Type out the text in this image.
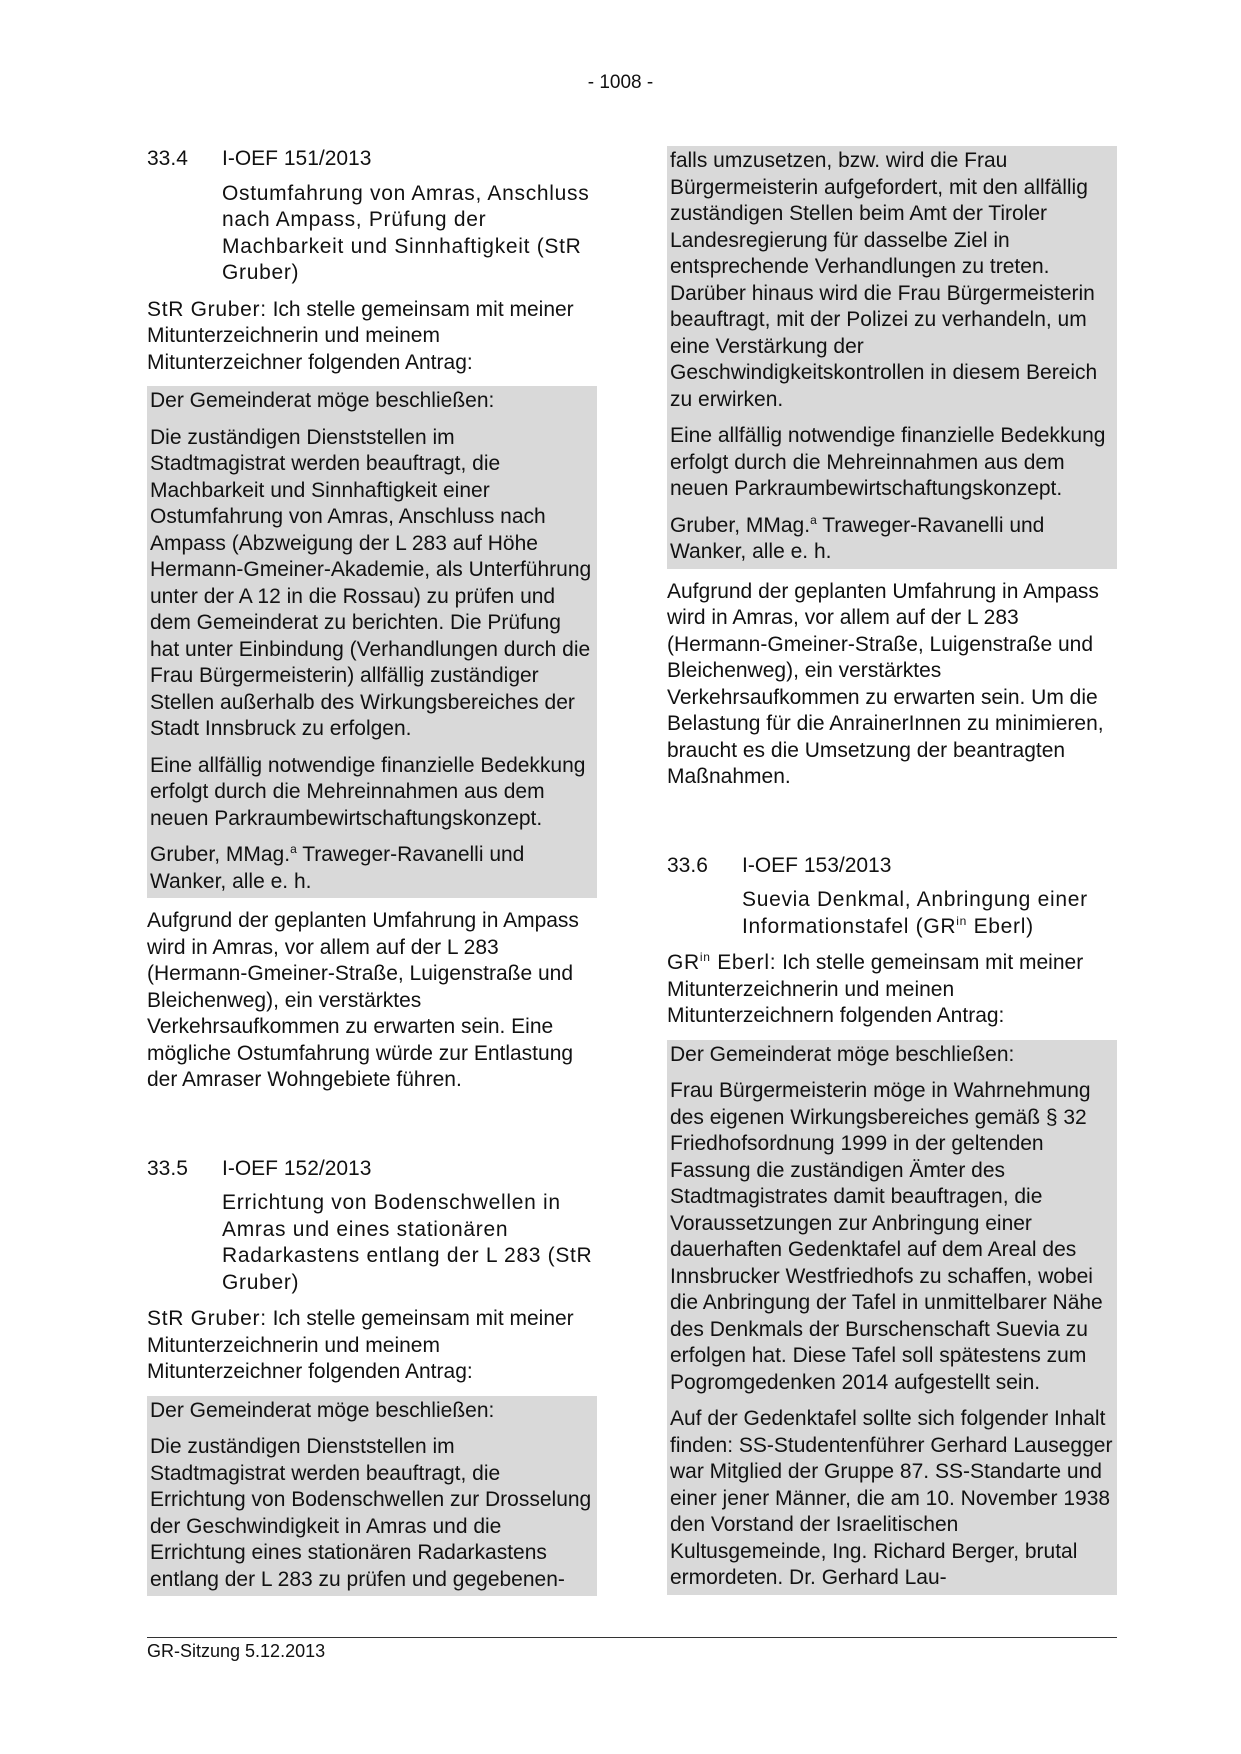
- 1008 -
33.4	I-OEF 151/2013

Ostumfahrung von Amras, Anschluss nach Ampass, Prüfung der Machbarkeit und Sinnhaftigkeit (StR Gruber)

StR Gruber: Ich stelle gemeinsam mit meiner Mitunterzeichnerin und meinem Mitunterzeichner folgenden Antrag:

Der Gemeinderat möge beschließen:

Die zuständigen Dienststellen im Stadtmagistrat werden beauftragt, die Machbarkeit und Sinnhaftigkeit einer Ostumfahrung von Amras, Anschluss nach Ampass (Abzweigung der L 283 auf Höhe Hermann-Gmeiner-Akademie, als Unterführung unter der A 12 in die Rossau) zu prüfen und dem Gemeinderat zu berichten. Die Prüfung hat unter Einbindung (Verhandlungen durch die Frau Bürgermeisterin) allfällig zuständiger Stellen außerhalb des Wirkungsbereiches der Stadt Innsbruck zu erfolgen.

Eine allfällig notwendige finanzielle Bedekkung erfolgt durch die Mehreinnahmen aus dem neuen Parkraumbewirtschaftungskonzept.

Gruber, MMag.$^a$ Traweger-Ravanelli und Wanker, alle e. h.

Aufgrund der geplanten Umfahrung in Ampass wird in Amras, vor allem auf der L 283 (Hermann-Gmeiner-Straße, Luigenstraße und Bleichenweg), ein verstärktes Verkehrsaufkommen zu erwarten sein. Eine mögliche Ostumfahrung würde zur Entlastung der Amraser Wohngebiete führen.

33.5	I-OEF 152/2013

Errichtung von Bodenschwellen in Amras und eines stationären Radarkastens entlang der L 283 (StR Gruber)

StR Gruber: Ich stelle gemeinsam mit meiner Mitunterzeichnerin und meinem Mitunterzeichner folgenden Antrag:

Der Gemeinderat möge beschließen:

Die zuständigen Dienststellen im Stadtmagistrat werden beauftragt, die Errichtung von Bodenschwellen zur Drosselung der Geschwindigkeit in Amras und die Errichtung eines stationären Radarkastens entlang der L 283 zu prüfen und gegebenen-

falls umzusetzen, bzw. wird die Frau Bürgermeisterin aufgefordert, mit den allfällig zuständigen Stellen beim Amt der Tiroler Landesregierung für dasselbe Ziel in entsprechende Verhandlungen zu treten. Darüber hinaus wird die Frau Bürgermeisterin beauftragt, mit der Polizei zu verhandeln, um eine Verstärkung der Geschwindigkeitskontrollen in diesem Bereich zu erwirken.

Eine allfällig notwendige finanzielle Bedekkung erfolgt durch die Mehreinnahmen aus dem neuen Parkraumbewirtschaftungskonzept.

Gruber, MMag.$^a$ Traweger-Ravanelli und Wanker, alle e. h.

Aufgrund der geplanten Umfahrung in Ampass wird in Amras, vor allem auf der L 283 (Hermann-Gmeiner-Straße, Luigenstraße und Bleichenweg), ein verstärktes Verkehrsaufkommen zu erwarten sein. Um die Belastung für die AnrainerInnen zu minimieren, braucht es die Umsetzung der beantragten Maßnahmen.

33.6	I-OEF 153/2013

Suevia Denkmal, Anbringung einer Informationstafel ($GR^{in}$ Eberl)

$GR^{in}$ Eberl: Ich stelle gemeinsam mit meiner Mitunterzeichnerin und meinen Mitunterzeichnern folgenden Antrag:

Der Gemeinderat möge beschließen:

Frau Bürgermeisterin möge in Wahrnehmung des eigenen Wirkungsbereiches gemäß § 32 Friedhofsordnung 1999 in der geltenden Fassung die zuständigen Ämter des Stadtmagistrates damit beauftragen, die Voraussetzungen zur Anbringung einer dauerhaften Gedenktafel auf dem Areal des Innsbrucker Westfriedhofs zu schaffen, wobei die Anbringung der Tafel in unmittelbarer Nähe des Denkmals der Burschenschaft Suevia zu erfolgen hat. Diese Tafel soll spätestens zum Pogromgedenken 2014 aufgestellt sein.

Auf der Gedenktafel sollte sich folgender Inhalt finden: SS-Studentenführer Gerhard Lausegger war Mitglied der Gruppe 87. SS-Standarte und einer jener Männer, die am 10. November 1938 den Vorstand der Israelitischen Kultusgemeinde, Ing. Richard Berger, brutal ermordeten. Dr. Gerhard Lau-

GR-Sitzung 5.12.2013
